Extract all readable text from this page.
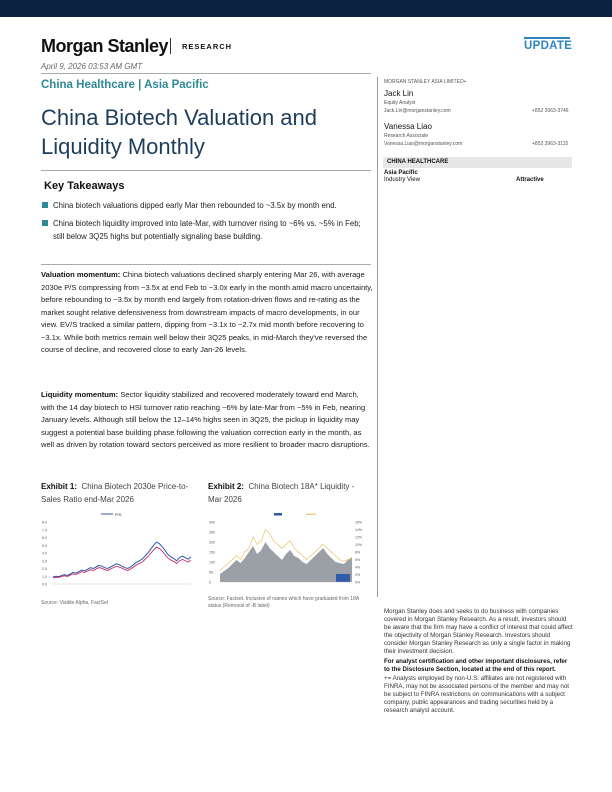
Morgan Stanley RESEARCH	UPDATE
April 9, 2026 03:53 AM GMT
China Healthcare | Asia Pacific
China Biotech Valuation and Liquidity Monthly
Key Takeaways
China biotech valuations dipped early Mar then rebounded to ~3.5x by month end.
China biotech liquidity improved into late-Mar, with turnover rising to ~6% vs. ~5% in Feb; still below 3Q25 highs but potentially signaling base building.
Valuation momentum: China biotech valuations declined sharply entering Mar 26, with average 2030e P/S compressing from ~3.5x at end Feb to ~3.0x early in the month amid macro uncertainty, before rebounding to ~3.5x by month end largely from rotation-driven flows and re-rating as the market sought relative defensiveness from downstream impacts of macro developments, in our view. EV/S tracked a similar pattern, dipping from ~3.1x to ~2.7x mid month before recovering to ~3.1x. While both metrics remain well below their 3Q25 peaks, in mid-March they've reversed the course of decline, and recovered close to early Jan-26 levels.
Liquidity momentum: Sector liquidity stabilized and recovered moderately toward end March, with the 14 day biotech to HSI turnover ratio reaching ~6% by late-Mar from ~5% in Feb, nearing January levels. Although still below the 12–14% highs seen in 3Q25, the pickup in liquidity may suggest a potential base building phase following the valuation correction early in the month, as well as driven by rotation toward sectors perceived as more resilient to broader macro disruptions.
Exhibit 1: China Biotech 2030e Price-to-Sales Ratio end-Mar 2026
Exhibit 2: China Biotech 18A* Liquidity - Mar 2026
P/S
8.0
7.0
6.0
5.0
4.0
3.0
2.0
1.0
0.0
Source: Visible Alpha, FactSet
300
250
200
150
100
50
0
16%
14%
12%
10%
8%
6%
4%
2%
0%
Source: Factset. Inclusive of names which have graduated from 18A status (Removal of -B label)
MORGAN STANLEY ASIA LIMITED+
Jack Lin
Equity Analyst
Jack.Lin@morganstanley.com	+852 3963-3746
Vanessa Liao
Research Associate
Vanessa.Liao@morganstanley.com	+852 3963-3115
CHINA HEALTHCARE
Asia Pacific
Industry View	Attractive

Morgan Stanley does and seeks to do business with companies covered in Morgan Stanley Research. As a result, investors should be aware that the firm may have a conflict of interest that could affect the objectivity of Morgan Stanley Research. Investors should consider Morgan Stanley Research as only a single factor in making their investment decision.

For analyst certification and other important disclosures, refer to the Disclosure Section, located at the end of this report.

+= Analysts employed by non-U.S. affiliates are not registered with FINRA, may not be associated persons of the member and may not be subject to FINRA restrictions on communications with a subject company, public appearances and trading securities held by a research analyst account.
